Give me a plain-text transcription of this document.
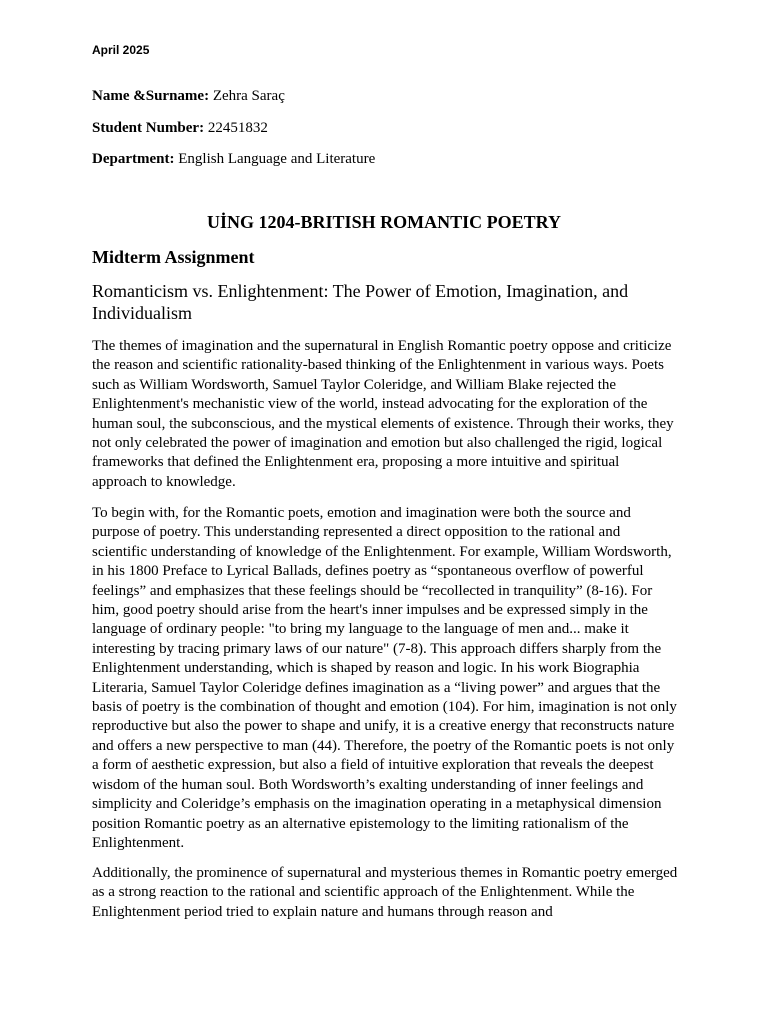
April 2025

Name &Surname: Zehra Saraç

Student Number: 22451832

Department: English Language and Literature

UİNG 1204-BRITISH ROMANTIC POETRY
Midterm Assignment
Romanticism vs. Enlightenment: The Power of Emotion, Imagination, and Individualism

The themes of imagination and the supernatural in English Romantic poetry oppose and criticize the reason and scientific rationality-based thinking of the Enlightenment in various ways. Poets such as William Wordsworth, Samuel Taylor Coleridge, and William Blake rejected the Enlightenment's mechanistic view of the world, instead advocating for the exploration of the human soul, the subconscious, and the mystical elements of existence. Through their works, they not only celebrated the power of imagination and emotion but also challenged the rigid, logical frameworks that defined the Enlightenment era, proposing a more intuitive and spiritual approach to knowledge.

To begin with, for the Romantic poets, emotion and imagination were both the source and purpose of poetry. This understanding represented a direct opposition to the rational and scientific understanding of knowledge of the Enlightenment. For example, William Wordsworth, in his 1800 Preface to Lyrical Ballads, defines poetry as “spontaneous overflow of powerful feelings” and emphasizes that these feelings should be “recollected in tranquility” (8-16). For him, good poetry should arise from the heart's inner impulses and be expressed simply in the language of ordinary people: "to bring my language to the language of men and... make it interesting by tracing primary laws of our nature" (7-8). This approach differs sharply from the Enlightenment understanding, which is shaped by reason and logic. In his work Biographia Literaria, Samuel Taylor Coleridge defines imagination as a “living power” and argues that the basis of poetry is the combination of thought and emotion (104). For him, imagination is not only reproductive but also the power to shape and unify, it is a creative energy that reconstructs nature and offers a new perspective to man (44). Therefore, the poetry of the Romantic poets is not only a form of aesthetic expression, but also a field of intuitive exploration that reveals the deepest wisdom of the human soul. Both Wordsworth’s exalting understanding of inner feelings and simplicity and Coleridge’s emphasis on the imagination operating in a metaphysical dimension position Romantic poetry as an alternative epistemology to the limiting rationalism of the Enlightenment.

Additionally, the prominence of supernatural and mysterious themes in Romantic poetry emerged as a strong reaction to the rational and scientific approach of the Enlightenment. While the Enlightenment period tried to explain nature and humans through reason and
